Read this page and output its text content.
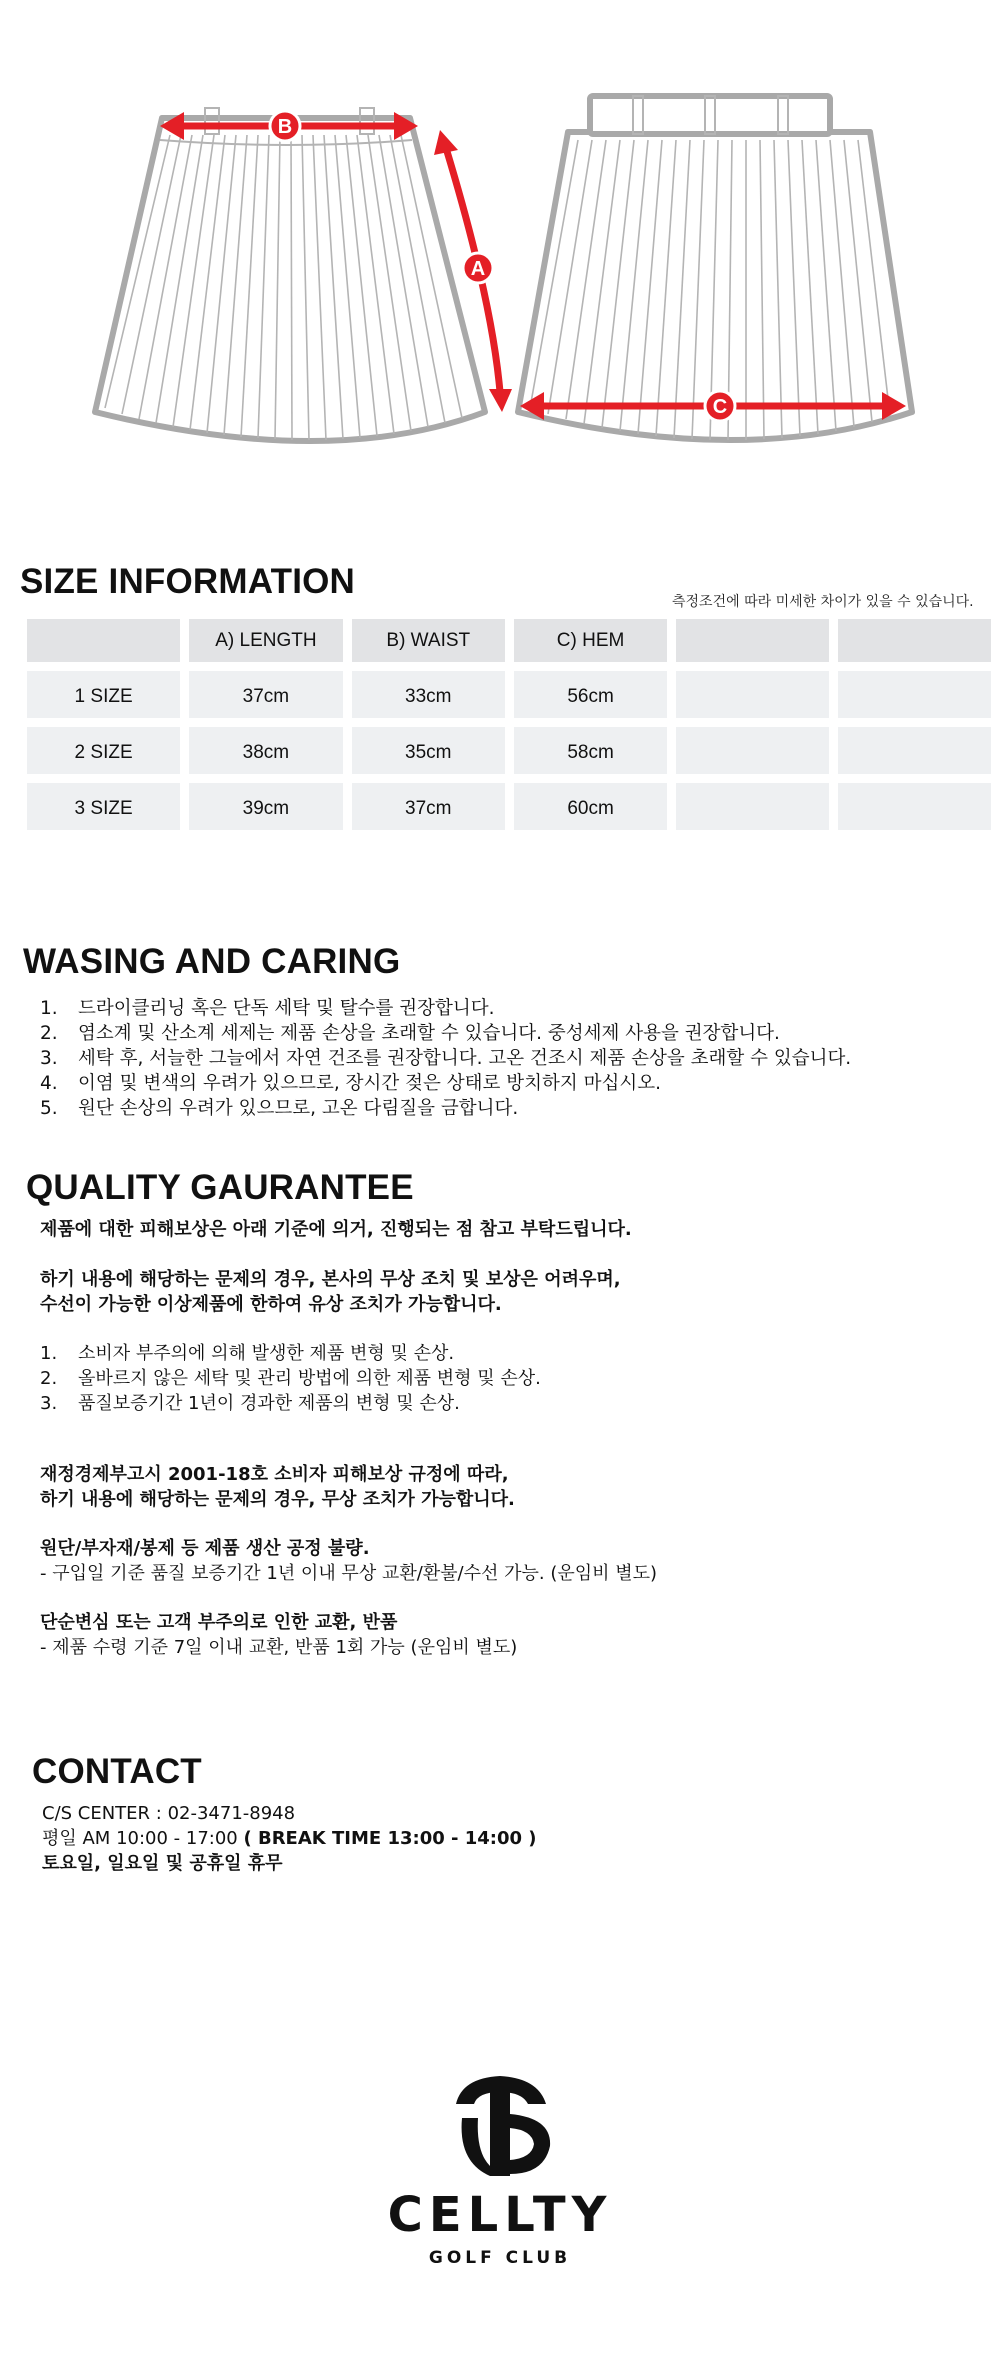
B
A
C
SIZE INFORMATION
측정조건에 따라 미세한 차이가 있을 수 있습니다.
	A) LENGTH	B) WAIST	C) HEM		
1 SIZE	37cm	33cm	56cm		
2 SIZE	38cm	35cm	58cm		
3 SIZE	39cm	37cm	60cm		
WASING AND CARING
1. 드라이클리닝 혹은 단독 세탁 및 탈수를 권장합니다.
2. 염소계 및 산소계 세제는 제품 손상을 초래할 수 있습니다. 중성세제 사용을 권장합니다.
3. 세탁 후, 서늘한 그늘에서 자연 건조를 권장합니다. 고온 건조시 제품 손상을 초래할 수 있습니다.
4. 이염 및 변색의 우려가 있으므로, 장시간 젖은 상태로 방치하지 마십시오.
5. 원단 손상의 우려가 있으므로, 고온 다림질을 금합니다.
QUALITY GAURANTEE
제품에 대한 피해보상은 아래 기준에 의거, 진행되는 점 참고 부탁드립니다.
하기 내용에 해당하는 문제의 경우, 본사의 무상 조치 및 보상은 어려우며,
수선이 가능한 이상제품에 한하여 유상 조치가 가능합니다.
1. 소비자 부주의에 의해 발생한 제품 변형 및 손상.
2. 올바르지 않은 세탁 및 관리 방법에 의한 제품 변형 및 손상.
3. 품질보증기간 1년이 경과한 제품의 변형 및 손상.
재정경제부고시 2001-18호 소비자 피해보상 규정에 따라,
하기 내용에 해당하는 문제의 경우, 무상 조치가 가능합니다.
원단/부자재/봉제 등 제품 생산 공정 불량.
- 구입일 기준 품질 보증기간 1년 이내 무상 교환/환불/수선 가능. (운임비 별도)
단순변심 또는 고객 부주의로 인한 교환, 반품
- 제품 수령 기준 7일 이내 교환, 반품 1회 가능 (운임비 별도)
CONTACT
C/S CENTER : 02-3471-8948
평일 AM 10:00 - 17:00 ( BREAK TIME 13:00 - 14:00 )
토요일, 일요일 및 공휴일 휴무
CELLTY
GOLF CLUB
